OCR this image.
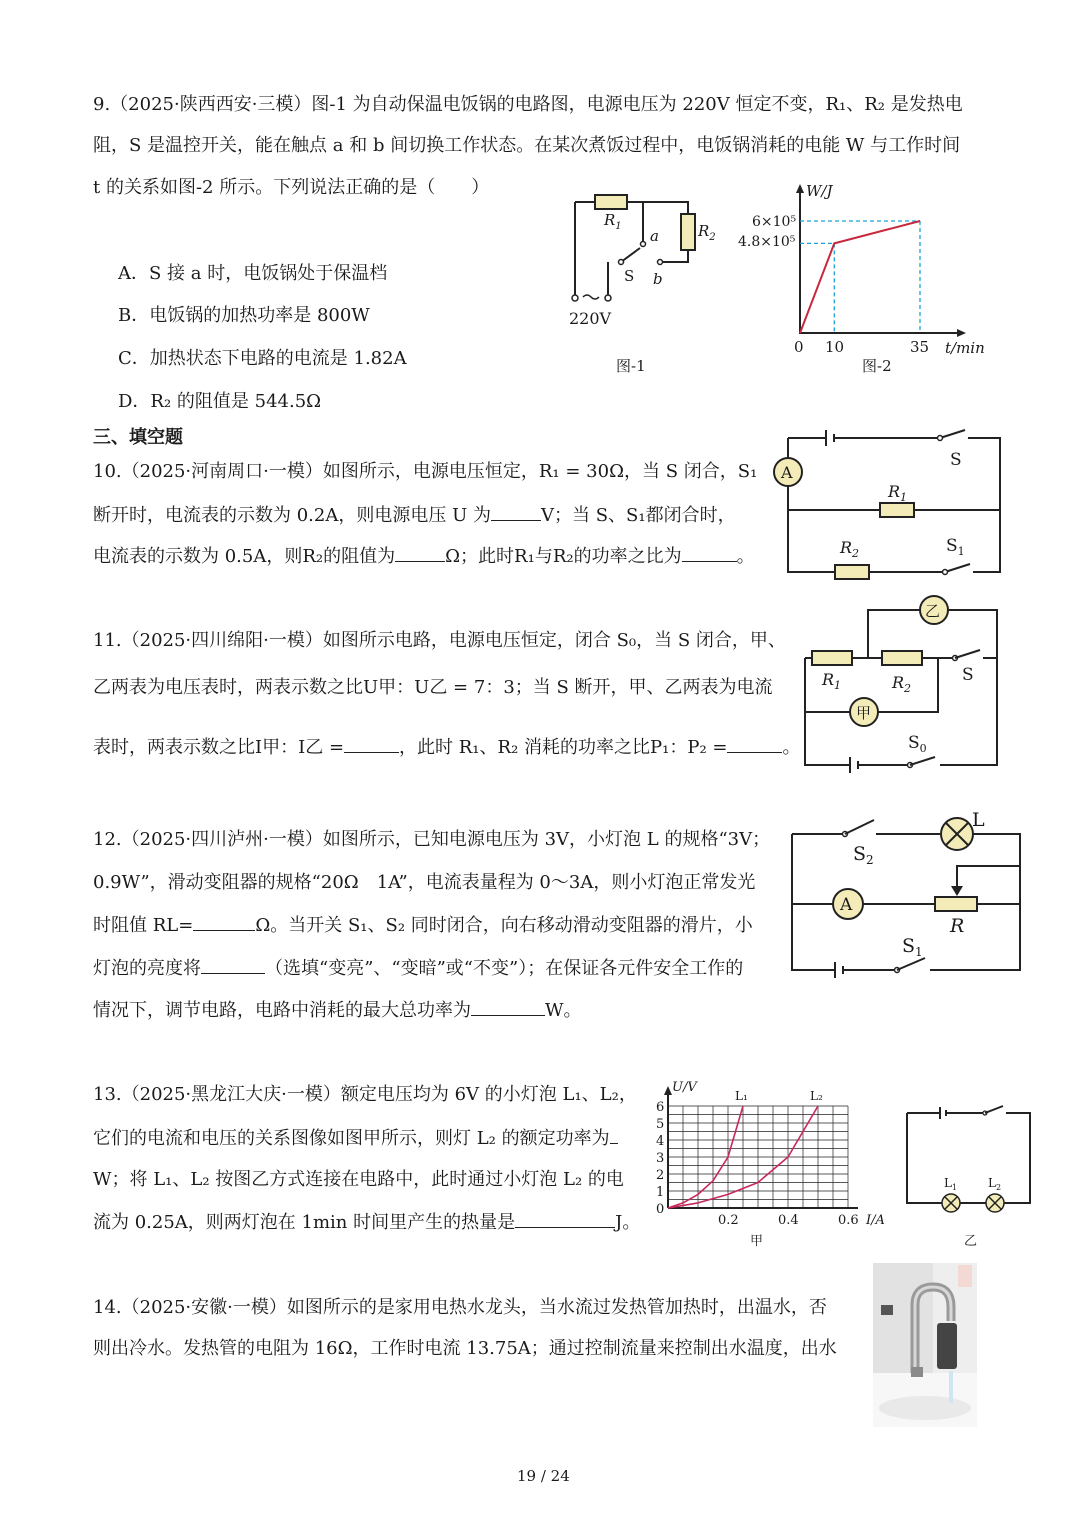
9.（2025·陕西西安·三模）图-1 为自动保温电饭锅的电路图，电源电压为 220V 恒定不变，R₁、R₂ 是发热电
阻，S 是温控开关，能在触点 a 和 b 间切换工作状态。在某次煮饭过程中，电饭锅消耗的电能 W 与工作时间
t 的关系如图-2 所示。下列说法正确的是（　　）
A．S 接 a 时，电饭锅处于保温档
B．电饭锅的加热功率是 800W
C．加热状态下电路的电流是 1.82A
D．R₂ 的阻值是 544.5Ω
$R_1$	$R_2$
a
b
S
220V
图-1
W/J
t/min
6×10⁵
4.8×10⁵
0 10	35
图-2
三、填空题
10.（2025·河南周口·一模）如图所示，电源电压恒定，R₁ = 30Ω，当 S 闭合，S₁
断开时，电流表的示数为 0.2A，则电源电压 U 为	V；当 S、S₁都闭合时，
电流表的示数为 0.5A，则R₂的阻值为	Ω；此时R₁与R₂的功率之比为	。
A
S
$R_1$
$R_2$	$S_1$
11.（2025·四川绵阳·一模）如图所示电路，电源电压恒定，闭合 S₀，当 S 闭合，甲、
乙两表为电压表时，两表示数之比U甲：U乙 = 7：3；当 S 断开，甲、乙两表为电流
表时，两表示数之比I甲：I乙 =	，此时 R₁、R₂ 消耗的功率之比P₁：P₂ =	。
乙
甲
$R_1$	$R_2$
S
$S_0$
12.（2025·四川泸州·一模）如图所示，已知电源电压为 3V，小灯泡 L 的规格“3V；
0.9W”，滑动变阻器的规格“20Ω　1A”，电流表量程为 0～3A，则小灯泡正常发光
时阻值 RL=	Ω。当开关 S₁、S₂ 同时闭合，向右移动滑动变阻器的滑片，小
灯泡的亮度将	（选填“变亮”、“变暗”或“不变”）；在保证各元件安全工作的
情况下，调节电路，电路中消耗的最大总功率为	W。
A
L
$S_2$
R
$S_1$
13.（2025·黑龙江大庆·一模）额定电压均为 6V 的小灯泡 L₁、L₂，
它们的电流和电压的关系图像如图甲所示，则灯 L₂ 的额定功率为
W；将 L₁、L₂ 按图乙方式连接在电路中，此时通过小灯泡 L₂ 的电
流为 0.25A，则两灯泡在 1min 时间里产生的热量是	J。
U/V
I/A
0
1
2
3
4
5
6
0.2	0.4	0.6
L₁	L₂
甲
$L_1$	$L_2$
乙
14.（2025·安徽·一模）如图所示的是家用电热水龙头，当水流过发热管加热时，出温水，否
则出冷水。发热管的电阻为 16Ω，工作时电流 13.75A；通过控制流量来控制出水温度，出水
19 / 24
